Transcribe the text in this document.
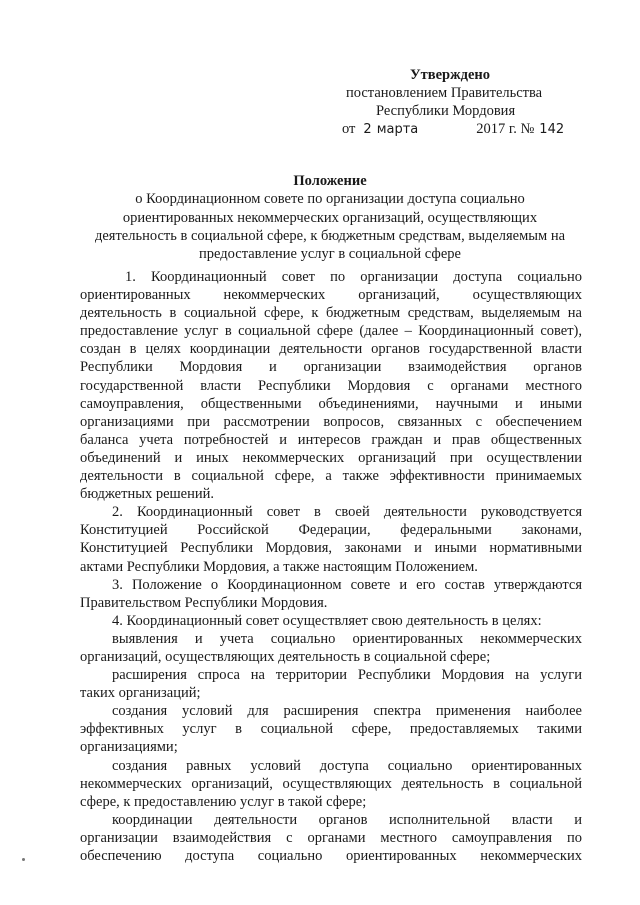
Утверждено
постановлением Правительства
Республики Мордовия
от 2 марта	2017 г. № 142
Положение
о Координационном совете по организации доступа социально
ориентированных некоммерческих организаций, осуществляющих
деятельность в социальной сфере, к бюджетным средствам, выделяемым на
предоставление услуг в социальной сфере
1. Координационный совет по организации доступа социально
ориентированных некоммерческих организаций, осуществляющих
деятельность в социальной сфере, к бюджетным средствам, выделяемым на
предоставление услуг в социальной сфере (далее – Координационный совет),
создан в целях координации деятельности органов государственной власти
Республики Мордовия и организации взаимодействия органов
государственной власти Республики Мордовия с органами местного
самоуправления, общественными объединениями, научными и иными
организациями при рассмотрении вопросов, связанных с обеспечением
баланса учета потребностей и интересов граждан и прав общественных
объединений и иных некоммерческих организаций при осуществлении
деятельности в социальной сфере, а также эффективности принимаемых
бюджетных решений.
2. Координационный совет в своей деятельности руководствуется
Конституцией Российской Федерации, федеральными законами,
Конституцией Республики Мордовия, законами и иными нормативными
актами Республики Мордовия, а также настоящим Положением.
3. Положение о Координационном совете и его состав утверждаются
Правительством Республики Мордовия.
4. Координационный совет осуществляет свою деятельность в целях:
выявления и учета социально ориентированных некоммерческих
организаций, осуществляющих деятельность в социальной сфере;
расширения спроса на территории Республики Мордовия на услуги
таких организаций;
создания условий для расширения спектра применения наиболее
эффективных услуг в социальной сфере, предоставляемых такими
организациями;
создания равных условий доступа социально ориентированных
некоммерческих организаций, осуществляющих деятельность в социальной
сфере, к предоставлению услуг в такой сфере;
координации деятельности органов исполнительной власти и
организации взаимодействия с органами местного самоуправления по
обеспечению доступа социально ориентированных некоммерческих
